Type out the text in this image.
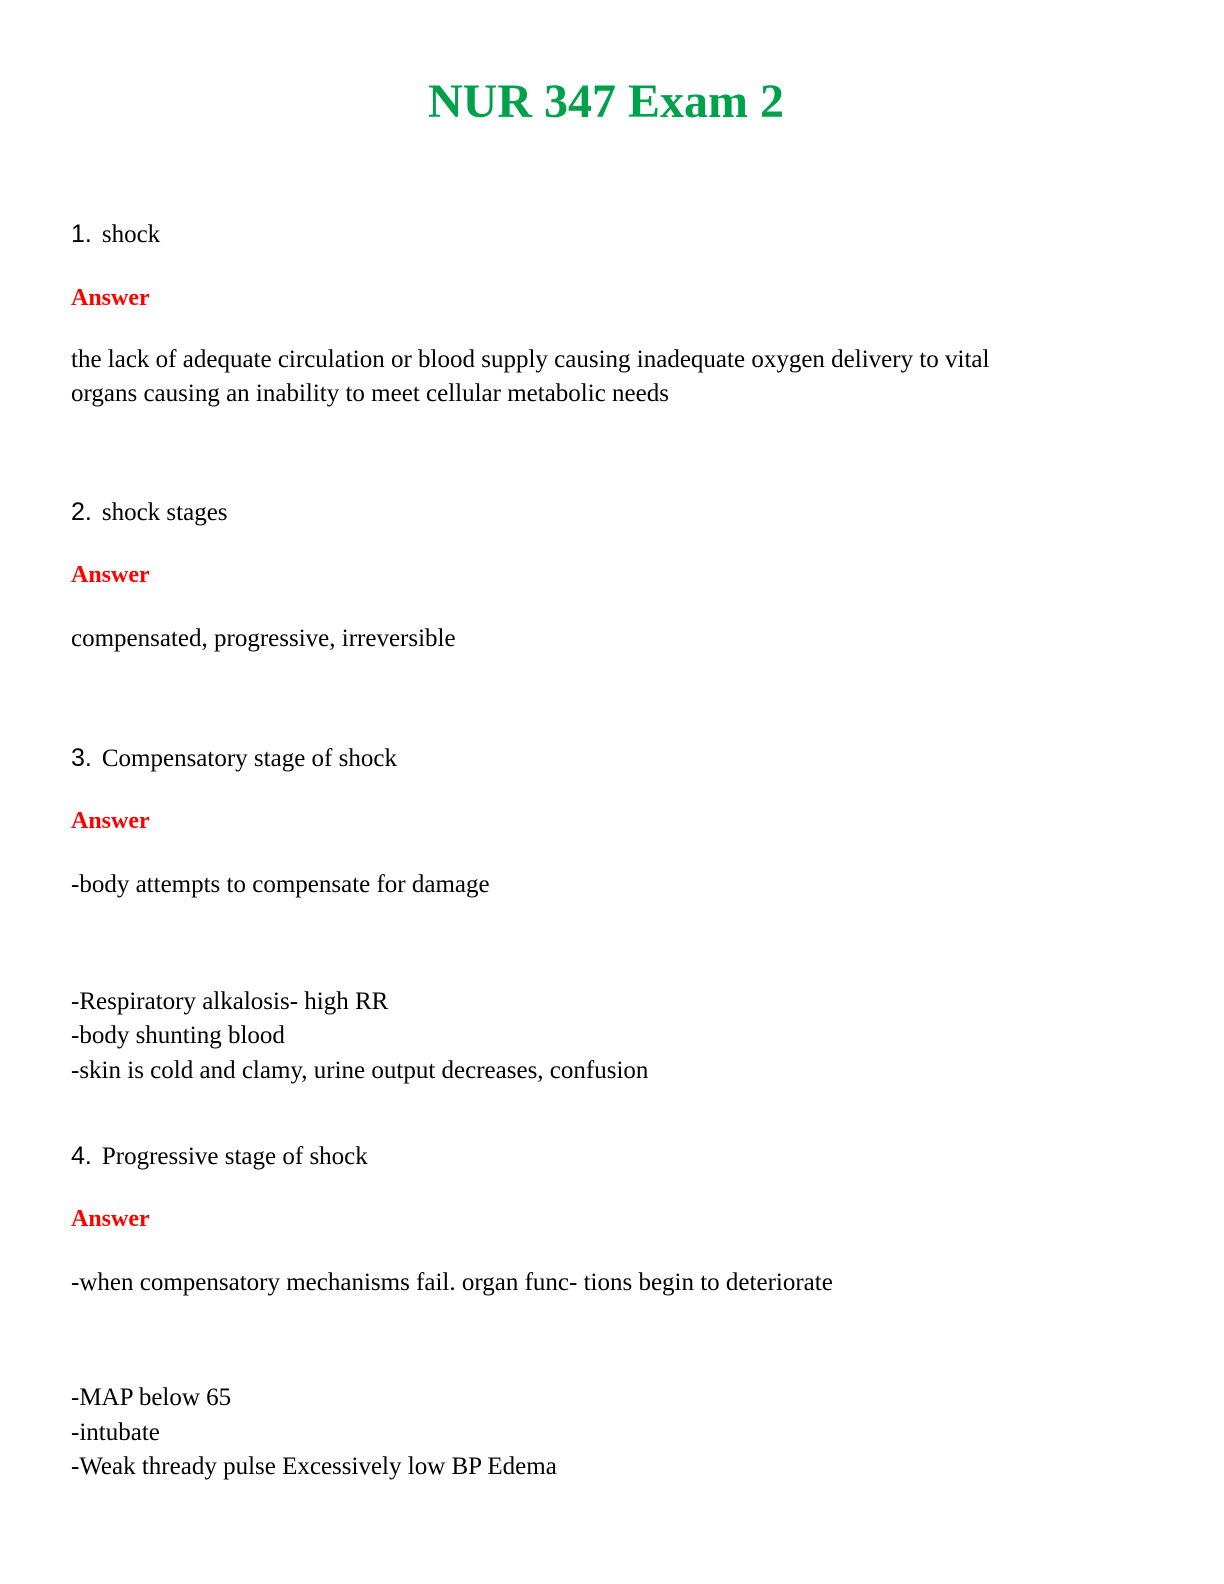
NUR 347 Exam 2
1. shock
Answer
the lack of adequate circulation or blood supply causing inadequate oxygen delivery to vital
organs causing an inability to meet cellular metabolic needs
2. shock stages
Answer
compensated, progressive, irreversible
3. Compensatory stage of shock
Answer
-body attempts to compensate for damage
-Respiratory alkalosis- high RR
-body shunting blood
-skin is cold and clamy, urine output decreases, confusion
4. Progressive stage of shock
Answer
-when compensatory mechanisms fail. organ func- tions begin to deteriorate
-MAP below 65
-intubate
-Weak thready pulse Excessively low BP Edema
